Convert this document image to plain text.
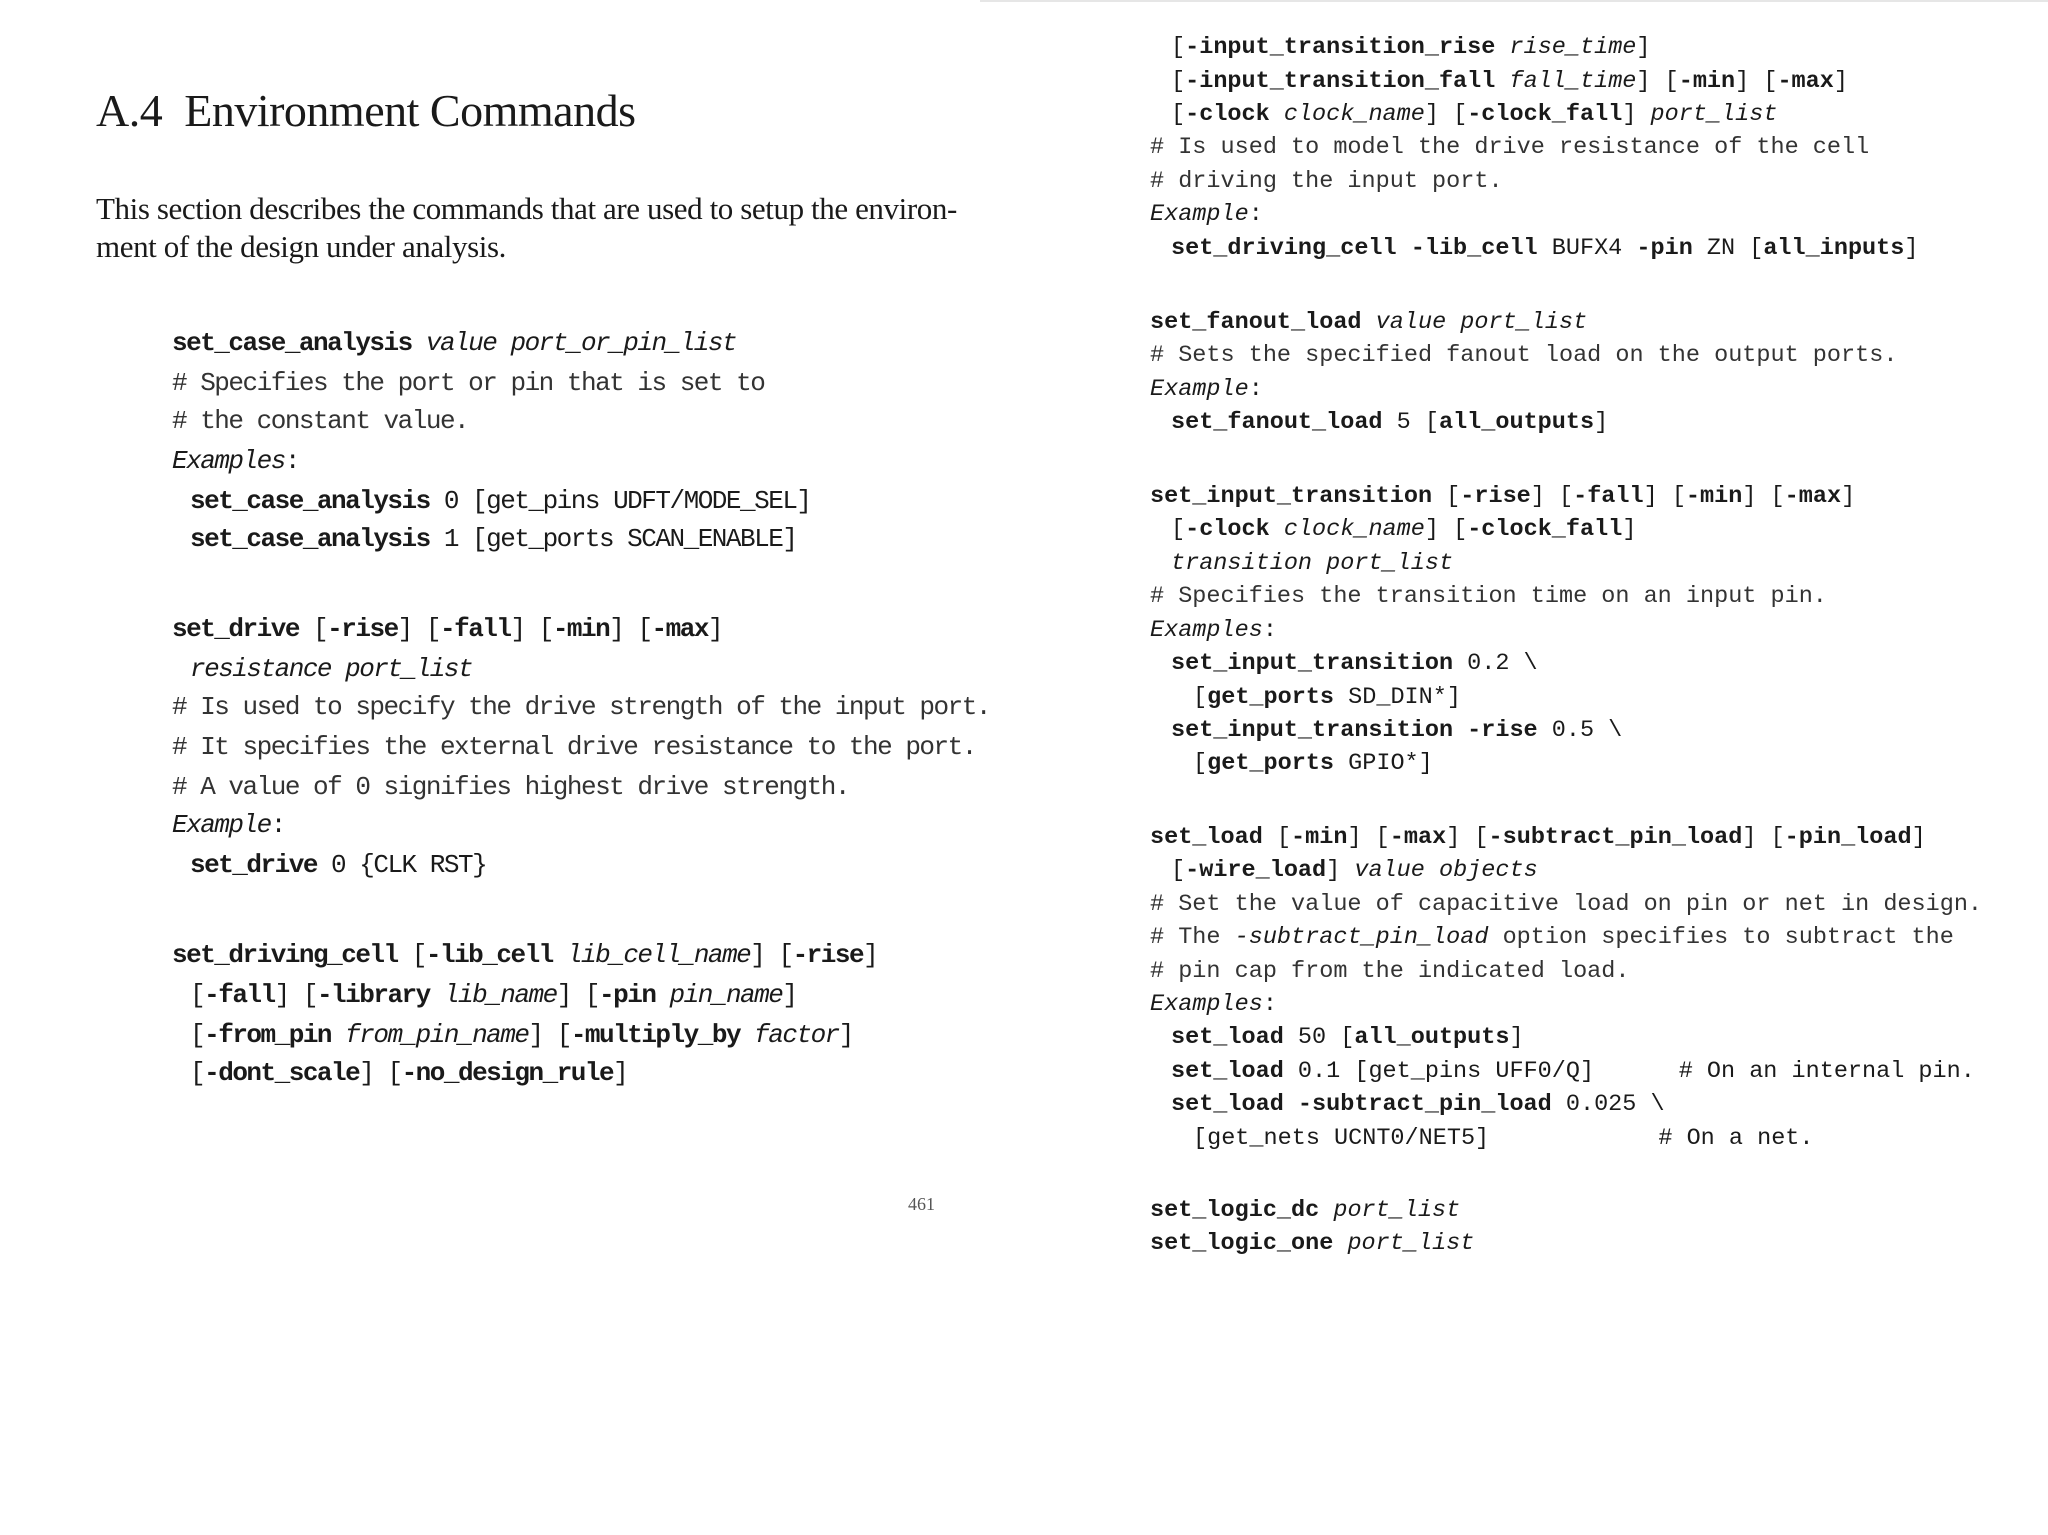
A.4 Environment Commands

This section describes the commands that are used to setup the environ-
ment of the design under analysis.

set_case_analysis value port_or_pin_list
# Specifies the port or pin that is set to
# the constant value.
Examples:
set_case_analysis 0 [get_pins UDFT/MODE_SEL]
set_case_analysis 1 [get_ports SCAN_ENABLE]
set_drive [-rise] [-fall] [-min] [-max]
resistance port_list
# Is used to specify the drive strength of the input port.
# It specifies the external drive resistance to the port.
# A value of 0 signifies highest drive strength.
Example:
set_drive 0 {CLK RST}
set_driving_cell [-lib_cell lib_cell_name] [-rise]
[-fall] [-library lib_name] [-pin pin_name]
[-from_pin from_pin_name] [-multiply_by factor]
[-dont_scale] [-no_design_rule]
461
[-input_transition_rise rise_time]
[-input_transition_fall fall_time] [-min] [-max]
[-clock clock_name] [-clock_fall] port_list
# Is used to model the drive resistance of the cell
# driving the input port.
Example:
set_driving_cell -lib_cell BUFX4 -pin ZN [all_inputs]
set_fanout_load value port_list
# Sets the specified fanout load on the output ports.
Example:
set_fanout_load 5 [all_outputs]
set_input_transition [-rise] [-fall] [-min] [-max]
[-clock clock_name] [-clock_fall]
transition port_list
# Specifies the transition time on an input pin.
Examples:
set_input_transition 0.2 \
[get_ports SD_DIN*]
set_input_transition -rise 0.5 \
[get_ports GPIO*]
set_load [-min] [-max] [-subtract_pin_load] [-pin_load]
[-wire_load] value objects
# Set the value of capacitive load on pin or net in design.
# The -subtract_pin_load option specifies to subtract the
# pin cap from the indicated load.
Examples:
set_load 50 [all_outputs]
set_load 0.1 [get_pins UFF0/Q]      # On an internal pin.
set_load -subtract_pin_load 0.025 \
[get_nets UCNT0/NET5]            # On a net.
set_logic_dc port_list
set_logic_one port_list
